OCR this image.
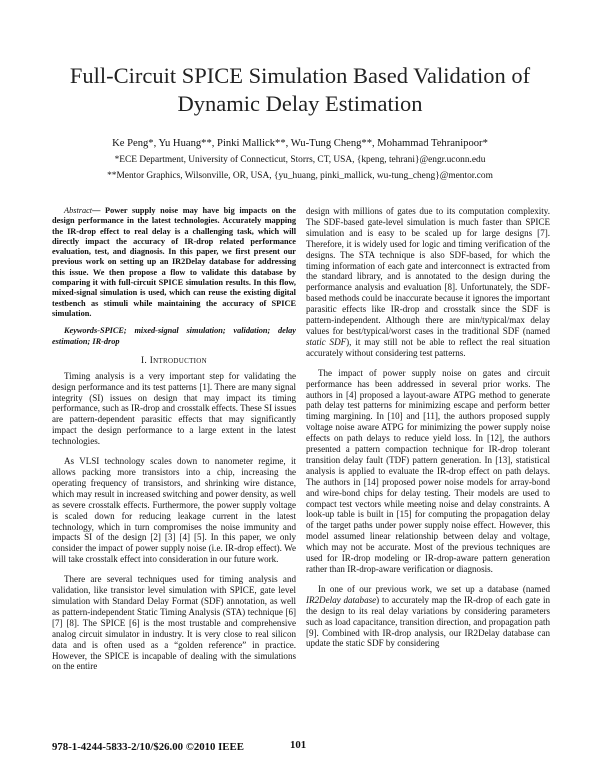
Full-Circuit SPICE Simulation Based Validation of
Dynamic Delay Estimation
Ke Peng*, Yu Huang**, Pinki Mallick**, Wu-Tung Cheng**, Mohammad Tehranipoor*
*ECE Department, University of Connecticut, Storrs, CT, USA, {kpeng, tehrani}@engr.uconn.edu
**Mentor Graphics, Wilsonville, OR, USA, {yu_huang, pinki_mallick, wu-tung_cheng}@mentor.com

Abstract— Power supply noise may have big impacts on the design performance in the latest technologies. Accurately mapping the IR-drop effect to real delay is a challenging task, which will directly impact the accuracy of IR-drop related performance evaluation, test, and diagnosis. In this paper, we first present our previous work on setting up an IR2Delay database for addressing this issue. We then propose a flow to validate this database by comparing it with full-circuit SPICE simulation results. In this flow, mixed-signal simulation is used, which can reuse the existing digital testbench as stimuli while maintaining the accuracy of SPICE simulation.

Keywords-SPICE; mixed-signal simulation; validation; delay estimation; IR-drop

I. Introduction

Timing analysis is a very important step for validating the design performance and its test patterns [1]. There are many signal integrity (SI) issues on design that may impact its timing performance, such as IR-drop and crosstalk effects. These SI issues are pattern-dependent parasitic effects that may significantly impact the design performance to a large extent in the latest technologies.

As VLSI technology scales down to nanometer regime, it allows packing more transistors into a chip, increasing the operating frequency of transistors, and shrinking wire distance, which may result in increased switching and power density, as well as severe crosstalk effects. Furthermore, the power supply voltage is scaled down for reducing leakage current in the latest technology, which in turn compromises the noise immunity and impacts SI of the design [2] [3] [4] [5]. In this paper, we only consider the impact of power supply noise (i.e. IR-drop effect). We will take crosstalk effect into consideration in our future work.

There are several techniques used for timing analysis and validation, like transistor level simulation with SPICE, gate level simulation with Standard Delay Format (SDF) annotation, as well as pattern-independent Static Timing Analysis (STA) technique [6] [7] [8]. The SPICE [6] is the most trustable and comprehensive analog circuit simulator in industry. It is very close to real silicon data and is often used as a “golden reference” in practice. However, the SPICE is incapable of dealing with the simulations on the entire

design with millions of gates due to its computation complexity. The SDF-based gate-level simulation is much faster than SPICE simulation and is easy to be scaled up for large designs [7]. Therefore, it is widely used for logic and timing verification of the designs. The STA technique is also SDF-based, for which the timing information of each gate and interconnect is extracted from the standard library, and is annotated to the design during the performance analysis and evaluation [8]. Unfortunately, the SDF-based methods could be inaccurate because it ignores the important parasitic effects like IR-drop and crosstalk since the SDF is pattern-independent. Although there are min/typical/max delay values for best/typical/worst cases in the traditional SDF (named static SDF), it may still not be able to reflect the real situation accurately without considering test patterns.

The impact of power supply noise on gates and circuit performance has been addressed in several prior works. The authors in [4] proposed a layout-aware ATPG method to generate path delay test patterns for minimizing escape and perform better timing margining. In [10] and [11], the authors proposed supply voltage noise aware ATPG for minimizing the power supply noise effects on path delays to reduce yield loss. In [12], the authors presented a pattern compaction technique for IR-drop tolerant transition delay fault (TDF) pattern generation. In [13], statistical analysis is applied to evaluate the IR-drop effect on path delays. The authors in [14] proposed power noise models for array-bond and wire-bond chips for delay testing. Their models are used to compact test vectors while meeting noise and delay constraints. A look-up table is built in [15] for computing the propagation delay of the target paths under power supply noise effect. However, this model assumed linear relationship between delay and voltage, which may not be accurate. Most of the previous techniques are used for IR-drop modeling or IR-drop-aware pattern generation rather than IR-drop-aware verification or diagnosis.

In one of our previous work, we set up a database (named IR2Delay database) to accurately map the IR-drop of each gate in the design to its real delay variations by considering parameters such as load capacitance, transition direction, and propagation path [9]. Combined with IR-drop analysis, our IR2Delay database can update the static SDF by considering

978-1-4244-5833-2/10/$26.00 ©2010 IEEE	101
